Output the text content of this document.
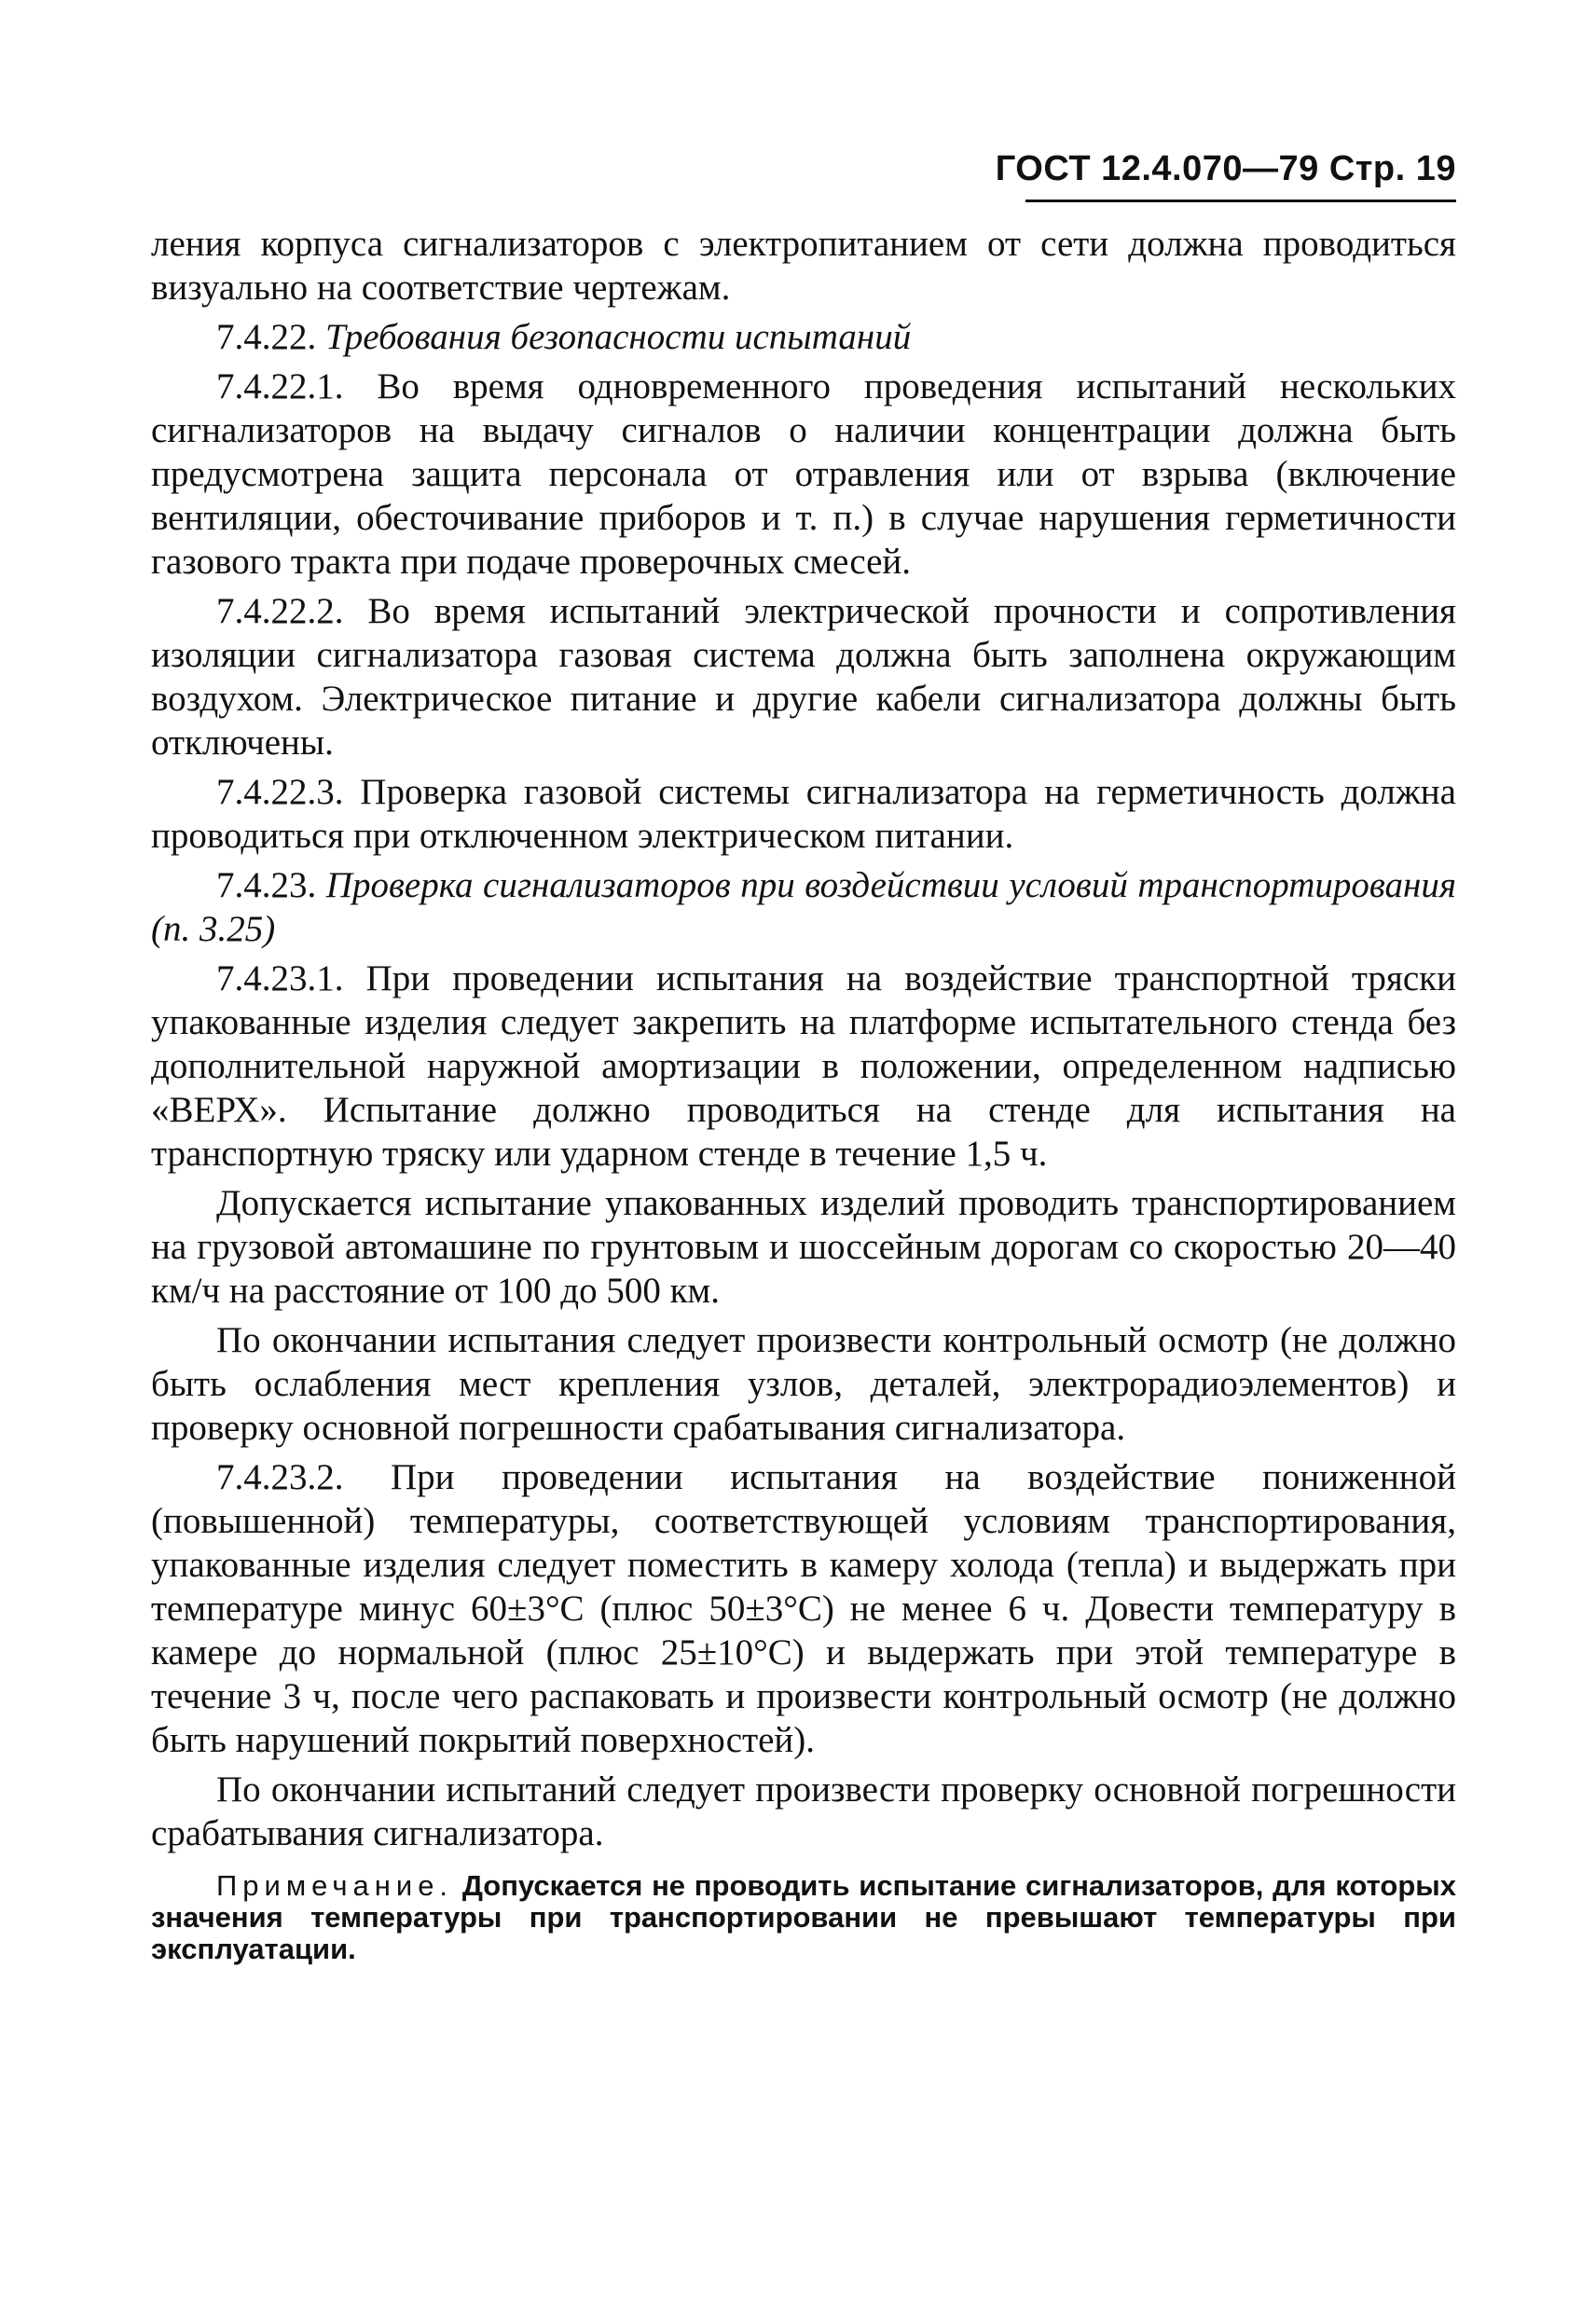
ГОСТ 12.4.070—79 Стр. 19

ления корпуса сигнализаторов с электропитанием от сети должна проводиться визуально на соответствие чертежам.

7.4.22. Требования безопасности испытаний

7.4.22.1. Во время одновременного проведения испытаний нескольких сигнализаторов на выдачу сигналов о наличии концентрации должна быть предусмотрена защита персонала от отравления или от взрыва (включение вентиляции, обесточивание приборов и т. п.) в случае нарушения герметичности газового тракта при подаче проверочных смесей.

7.4.22.2. Во время испытаний электрической прочности и сопротивления изоляции сигнализатора газовая система должна быть заполнена окружающим воздухом. Электрическое питание и другие кабели сигнализатора должны быть отключены.

7.4.22.3. Проверка газовой системы сигнализатора на герметичность должна проводиться при отключенном электрическом питании.

7.4.23. Проверка сигнализаторов при воздействии условий транспортирования (п. 3.25)

7.4.23.1. При проведении испытания на воздействие транспортной тряски упакованные изделия следует закрепить на платформе испытательного стенда без дополнительной наружной амортизации в положении, определенном надписью «ВЕРХ». Испытание должно проводиться на стенде для испытания на транспортную тряску или ударном стенде в течение 1,5 ч.

Допускается испытание упакованных изделий проводить транспортированием на грузовой автомашине по грунтовым и шоссейным дорогам со скоростью 20—40 км/ч на расстояние от 100 до 500 км.

По окончании испытания следует произвести контрольный осмотр (не должно быть ослабления мест крепления узлов, деталей, электрорадиоэлементов) и проверку основной погрешности срабатывания сигнализатора.

7.4.23.2. При проведении испытания на воздействие пониженной (повышенной) температуры, соответствующей условиям транспортирования, упакованные изделия следует поместить в камеру холода (тепла) и выдержать при температуре минус 60±3°С (плюс 50±3°С) не менее 6 ч. Довести температуру в камере до нормальной (плюс 25±10°С) и выдержать при этой температуре в течение 3 ч, после чего распаковать и произвести контрольный осмотр (не должно быть нарушений покрытий поверхностей).

По окончании испытаний следует произвести проверку основной погрешности срабатывания сигнализатора.

Примечание. Допускается не проводить испытание сигнализаторов, для которых значения температуры при транспортировании не превышают температуры при эксплуатации.
